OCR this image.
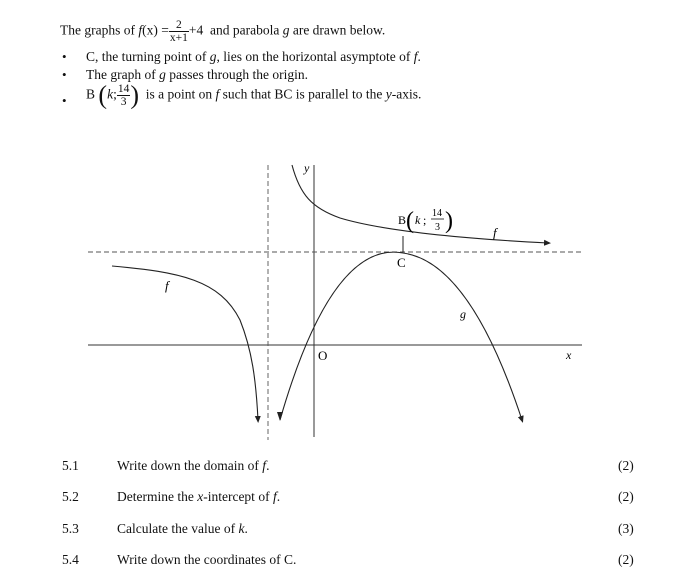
The graphs of $f(x) = \frac{2}{x+1} +4$ and parabola g are drawn below.
• C, the turning point of g, lies on the horizontal asymptote of f.
• The graph of g passes through the origin.
• B (k; $\frac{14}{3}$ ) is a point on f such that BC is parallel to the y-axis.
y
x
O
C
f
f
g
B ( k ; 14
3 )
5.1	Write down the domain of f.	(2)
5.2	Determine the x-intercept of f.	(2)
5.3	Calculate the value of k.	(3)
5.4	Write down the coordinates of C.	(2)
